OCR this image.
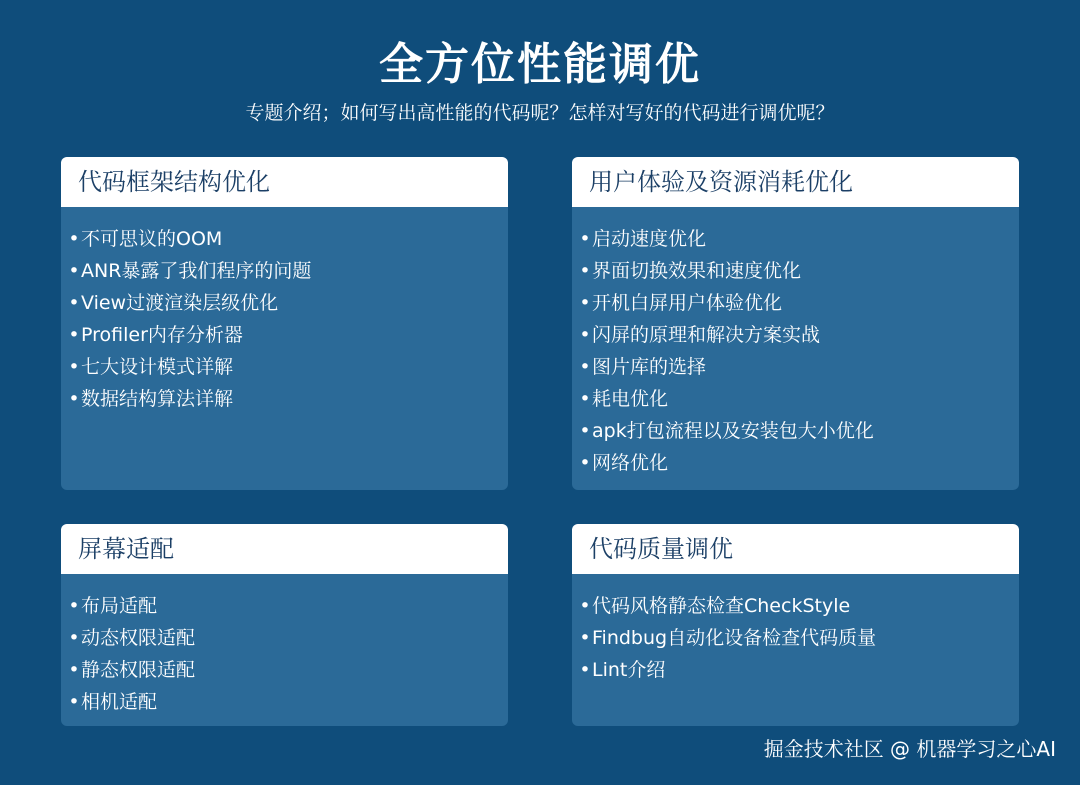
全方位性能调优
专题介绍；如何写出高性能的代码呢？怎样对写好的代码进行调优呢？
代码框架结构优化
•不可思议的OOM
•ANR暴露了我们程序的问题
•View过渡渲染层级优化
•Profiler内存分析器
•七大设计模式详解
•数据结构算法详解
用户体验及资源消耗优化
•启动速度优化
•界面切换效果和速度优化
•开机白屏用户体验优化
•闪屏的原理和解决方案实战
•图片库的选择
•耗电优化
•apk打包流程以及安装包大小优化
•网络优化
屏幕适配
•布局适配
•动态权限适配
•静态权限适配
•相机适配
代码质量调优
•代码风格静态检查CheckStyle
•Findbug自动化设备检查代码质量
•Lint介绍
掘金技术社区 @ 机器学习之心AI
